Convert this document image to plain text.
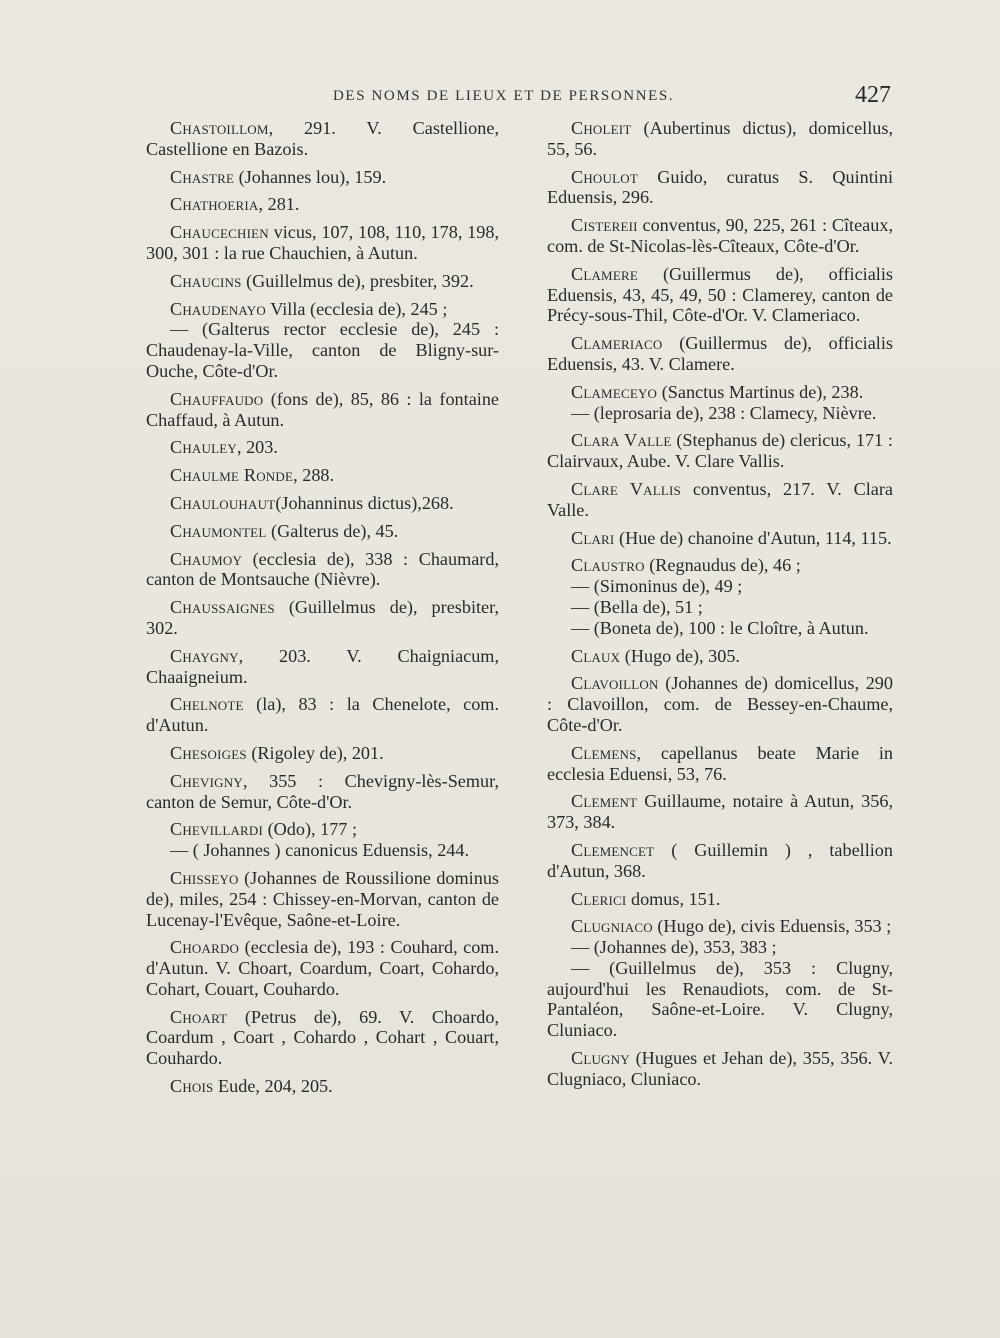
DES NOMS DE LIEUX ET DE PERSONNES.	427

Chastoillom, 291. V. Castellione, Castellione en Bazois.

Chastre (Johannes lou), 159.

Chathoeria, 281.

Chaucechien vicus, 107, 108, 110, 178, 198, 300, 301 : la rue Chauchien, à Autun.

Chaucins (Guillelmus de), presbiter, 392.

Chaudenayo Villa (ecclesia de), 245 ;

— (Galterus rector ecclesie de), 245 : Chaudenay-la-Ville, canton de Bligny-sur-Ouche, Côte-d'Or.

Chauffaudo (fons de), 85, 86 : la fontaine Chaffaud, à Autun.

Chauley, 203.

Chaulme Ronde, 288.

Chaulouhaut(Johanninus dictus),268.

Chaumontel (Galterus de), 45.

Chaumoy (ecclesia de), 338 : Chaumard, canton de Montsauche (Nièvre).

Chaussaignes (Guillelmus de), presbiter, 302.

Chaygny, 203. V. Chaigniacum, Chaaigneium.

Chelnote (la), 83 : la Chenelote, com. d'Autun.

Chesoiges (Rigoley de), 201.

Chevigny, 355 : Chevigny-lès-Semur, canton de Semur, Côte-d'Or.

Chevillardi (Odo), 177 ;

— ( Johannes ) canonicus Eduensis, 244.

Chisseyo (Johannes de Roussilione dominus de), miles, 254 : Chissey-en-Morvan, canton de Lucenay-l'Evêque, Saône-et-Loire.

Choardo (ecclesia de), 193 : Couhard, com. d'Autun. V. Choart, Coardum, Coart, Cohardo, Cohart, Couart, Couhardo.

Choart (Petrus de), 69. V. Choardo, Coardum , Coart , Cohardo , Cohart , Couart, Couhardo.

Chois Eude, 204, 205.

Choleit (Aubertinus dictus), domicellus, 55, 56.

Choulot Guido, curatus S. Quintini Eduensis, 296.

Cistereii conventus, 90, 225, 261 : Cîteaux, com. de St-Nicolas-lès-Cîteaux, Côte-d'Or.

Clamere (Guillermus de), officialis Eduensis, 43, 45, 49, 50 : Clamerey, canton de Précy-sous-Thil, Côte-d'Or. V. Clameriaco.

Clameriaco (Guillermus de), officialis Eduensis, 43. V. Clamere.

Clameceyo (Sanctus Martinus de), 238.

— (leprosaria de), 238 : Clamecy, Nièvre.

Clara Valle (Stephanus de) clericus, 171 : Clairvaux, Aube. V. Clare Vallis.

Clare Vallis conventus, 217. V. Clara Valle.

Clari (Hue de) chanoine d'Autun, 114, 115.

Claustro (Regnaudus de), 46 ;

— (Simoninus de), 49 ;

— (Bella de), 51 ;

— (Boneta de), 100 : le Cloître, à Autun.

Claux (Hugo de), 305.

Clavoillon (Johannes de) domicellus, 290 : Clavoillon, com. de Bessey-en-Chaume, Côte-d'Or.

Clemens, capellanus beate Marie in ecclesia Eduensi, 53, 76.

Clement Guillaume, notaire à Autun, 356, 373, 384.

Clemencet ( Guillemin ) , tabellion d'Autun, 368.

Clerici domus, 151.

Clugniaco (Hugo de), civis Eduensis, 353 ;

— (Johannes de), 353, 383 ;

— (Guillelmus de), 353 : Clugny, aujourd'hui les Renaudiots, com. de St-Pantaléon, Saône-et-Loire. V. Clugny, Cluniaco.

Clugny (Hugues et Jehan de), 355, 356. V. Clugniaco, Cluniaco.
